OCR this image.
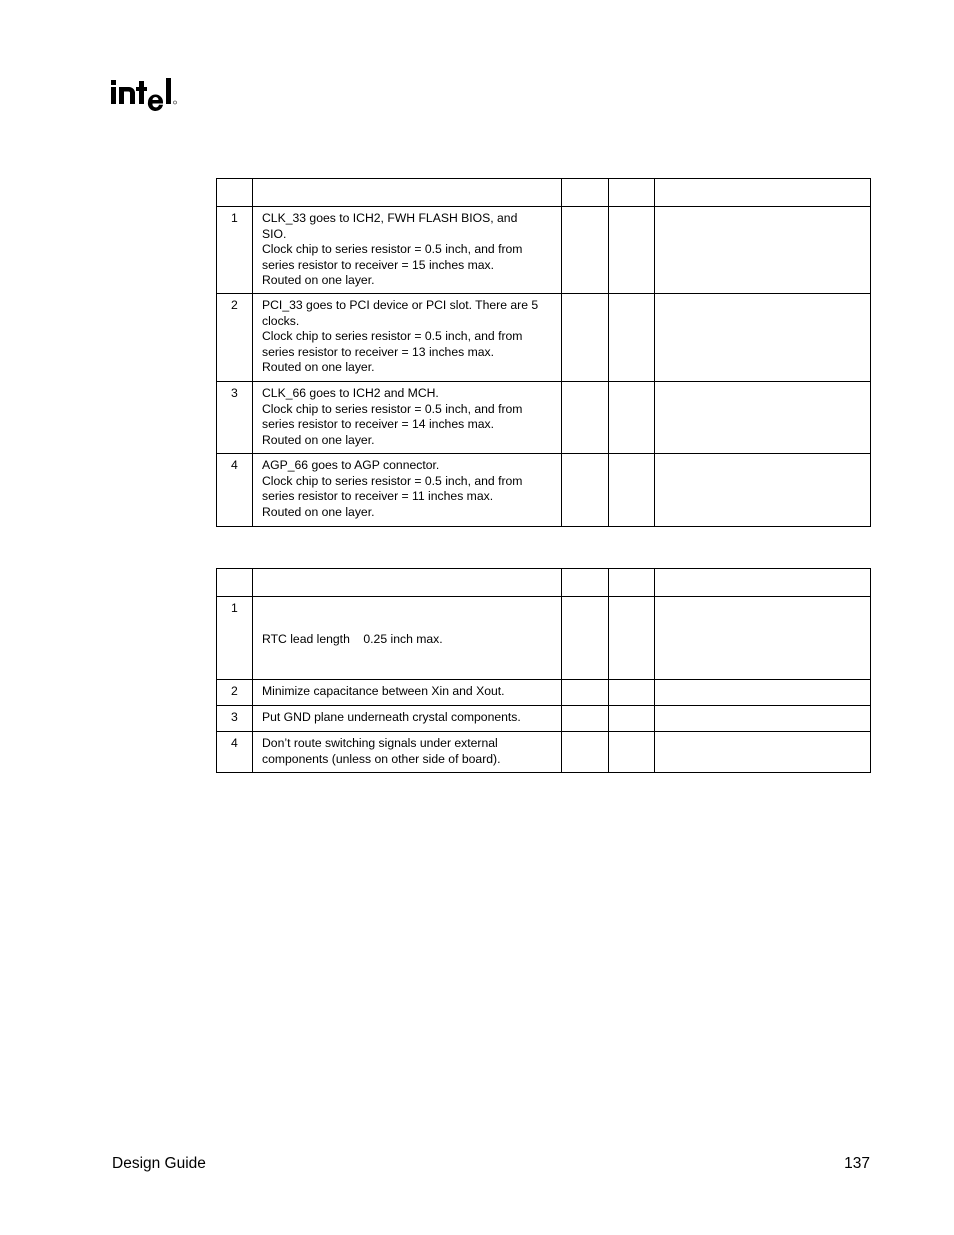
1	CLK_33 goes to ICH2, FWH FLASH BIOS, and
SIO.
Clock chip to series resistor = 0.5 inch, and from
series resistor to receiver = 15 inches max.
Routed on one layer.			

2	PCI_33 goes to PCI device or PCI slot. There are 5
clocks.
Clock chip to series resistor = 0.5 inch, and from
series resistor to receiver = 13 inches max.
Routed on one layer.			

3	CLK_66 goes to ICH2 and MCH.
Clock chip to series resistor = 0.5 inch, and from
series resistor to receiver = 14 inches max.
Routed on one layer.			

4	AGP_66 goes to AGP connector.
Clock chip to series resistor = 0.5 inch, and from
series resistor to receiver = 11 inches max.
Routed on one layer.			

1	RTC lead length    0.25 inch max.			

2	Minimize capacitance between Xin and Xout.			

3	Put GND plane underneath crystal components.			

4	Don’t route switching signals under external
components (unless on other side of board).			

Design Guide	137
